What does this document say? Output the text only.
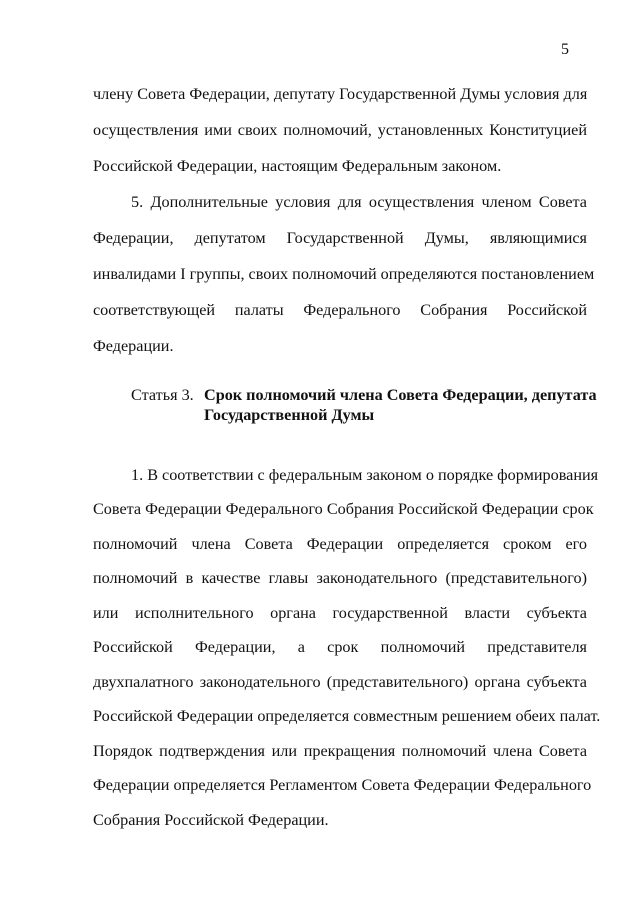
5
члену Совета Федерации, депутату Государственной Думы условия для
осуществления ими своих полномочий, установленных Конституцией
Российской Федерации, настоящим Федеральным законом.
5. Дополнительные условия для осуществления членом Совета
Федерации, депутатом Государственной Думы, являющимися
инвалидами I группы, своих полномочий определяются постановлением
соответствующей палаты Федерального Собрания Российской
Федерации.
Статья 3. Срок полномочий члена Совета Федерации, депутата
Государственной Думы
1. В соответствии с федеральным законом о порядке формирования
Совета Федерации Федерального Собрания Российской Федерации срок
полномочий члена Совета Федерации определяется сроком его
полномочий в качестве главы законодательного (представительного)
или исполнительного органа государственной власти субъекта
Российской Федерации, а срок полномочий представителя
двухпалатного законодательного (представительного) органа субъекта
Российской Федерации определяется совместным решением обеих палат.
Порядок подтверждения или прекращения полномочий члена Совета
Федерации определяется Регламентом Совета Федерации Федерального
Собрания Российской Федерации.
